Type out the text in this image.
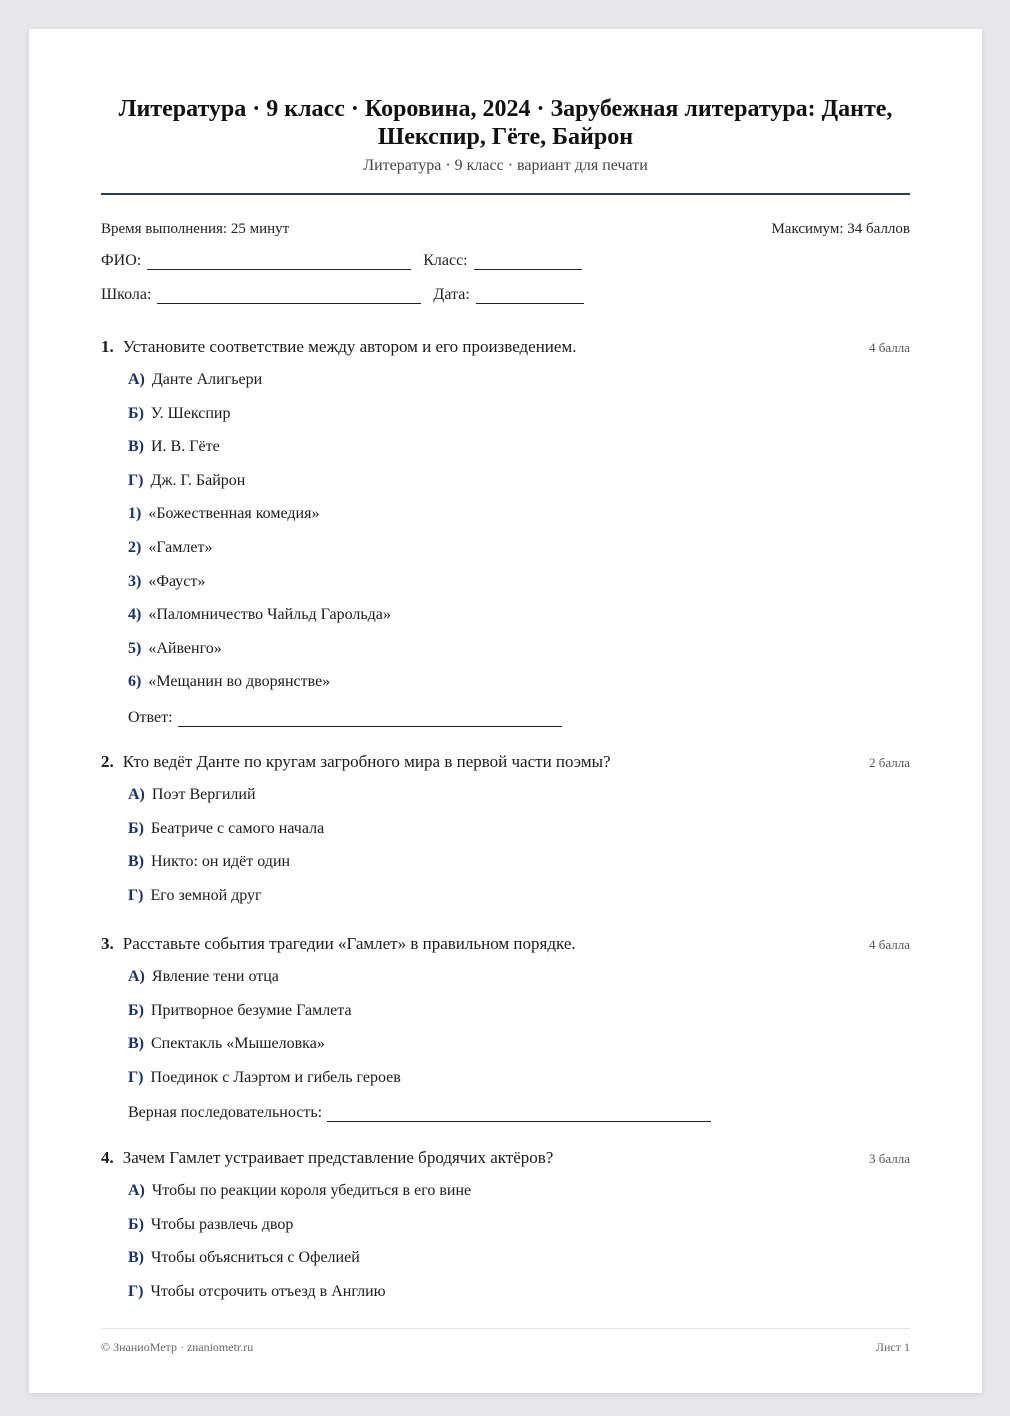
Литература · 9 класс · Коровина, 2024 · Зарубежная литература: Данте, Шекспир, Гёте, Байрон
Литература · 9 класс · вариант для печати
Время выполнения: 25 минут	Максимум: 34 баллов
ФИО:	Класс:
Школа:	Дата:
1. Установите соответствие между автором и его произведением.	4 балла
А) Данте Алигьери
Б) У. Шекспир
В) И. В. Гёте
Г) Дж. Г. Байрон
1) «Божественная комедия»
2) «Гамлет»
3) «Фауст»
4) «Паломничество Чайльд Гарольда»
5) «Айвенго»
6) «Мещанин во дворянстве»
Ответ:
2. Кто ведёт Данте по кругам загробного мира в первой части поэмы?	2 балла
А) Поэт Вергилий
Б) Беатриче с самого начала
В) Никто: он идёт один
Г) Его земной друг
3. Расставьте события трагедии «Гамлет» в правильном порядке.	4 балла
А) Явление тени отца
Б) Притворное безумие Гамлета
В) Спектакль «Мышеловка»
Г) Поединок с Лаэртом и гибель героев
Верная последовательность:
4. Зачем Гамлет устраивает представление бродячих актёров?	3 балла
А) Чтобы по реакции короля убедиться в его вине
Б) Чтобы развлечь двор
В) Чтобы объясниться с Офелией
Г) Чтобы отсрочить отъезд в Англию
© ЗнаниоМетр · znaniometr.ru	Лист 1
